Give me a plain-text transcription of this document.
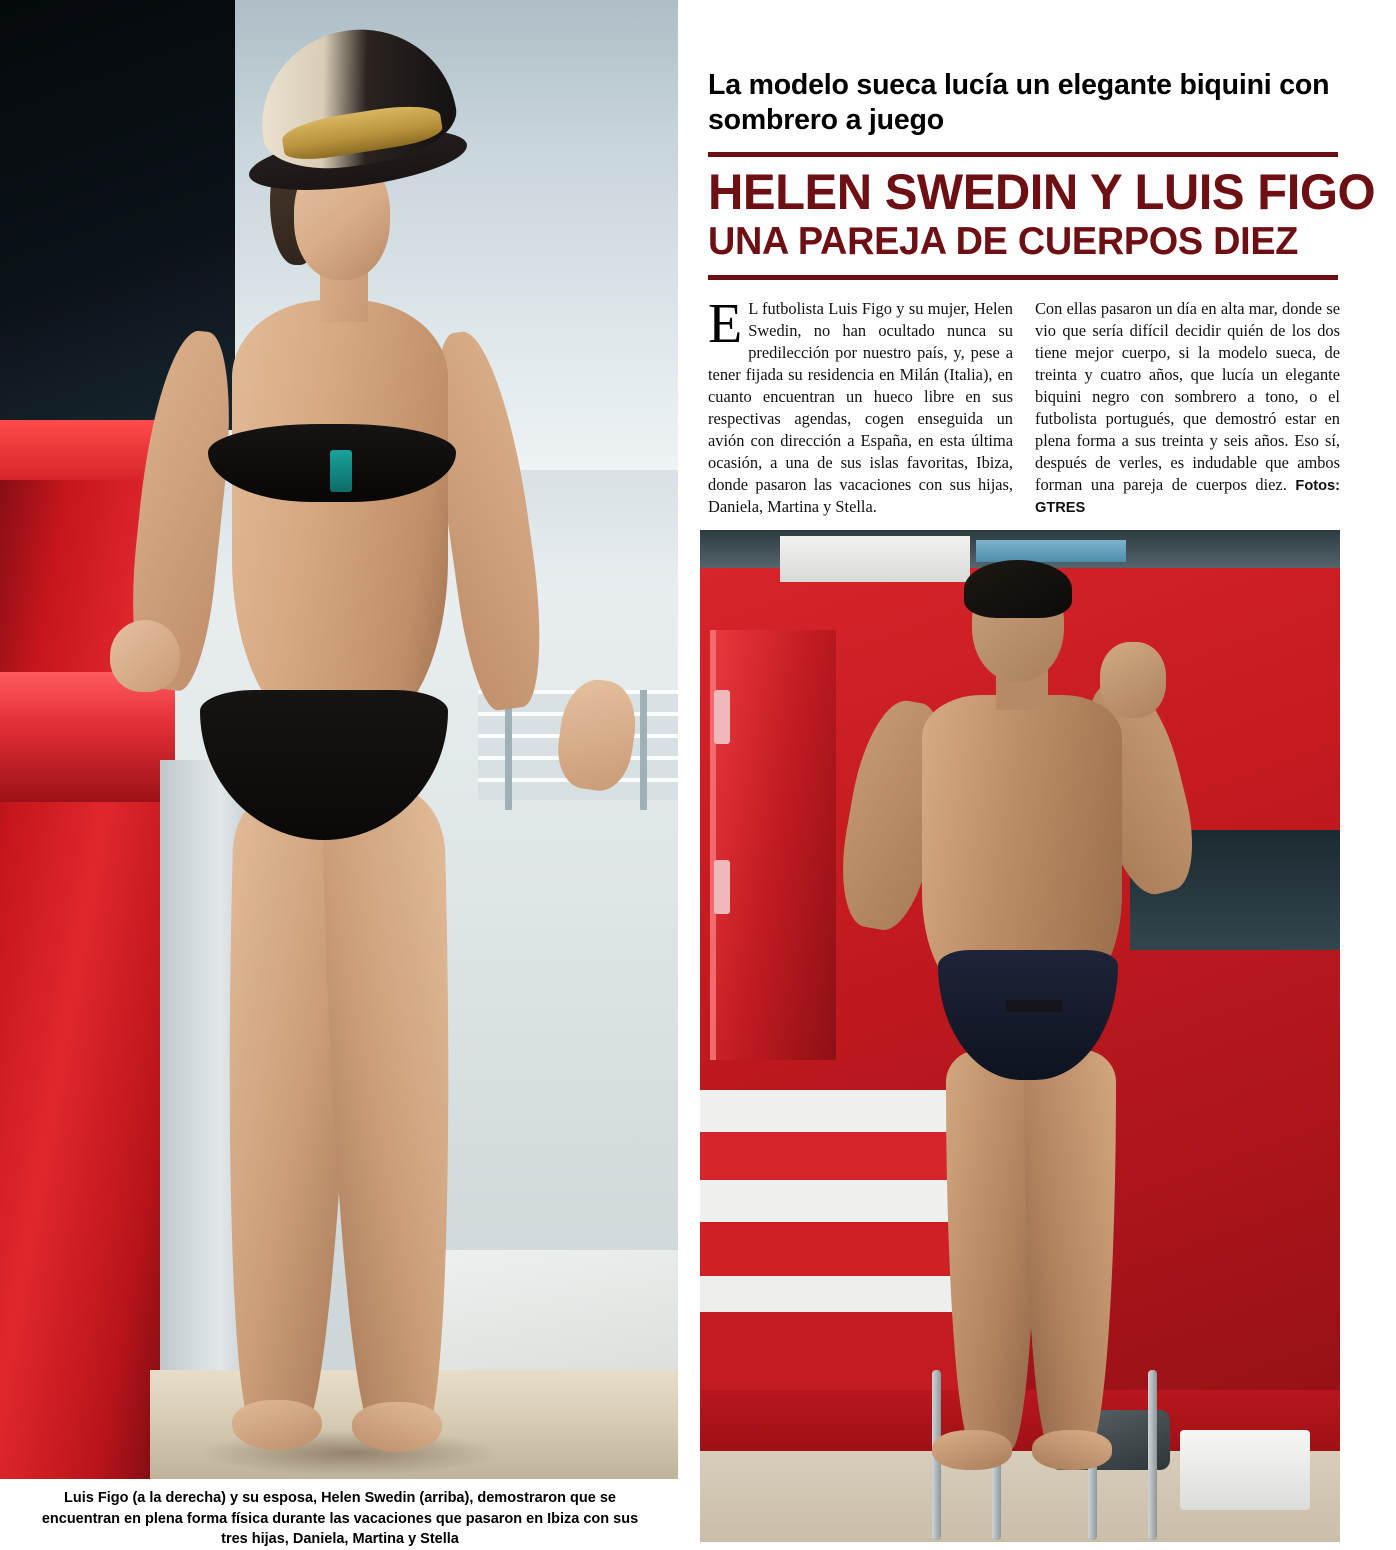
Luis Figo (a la derecha) y su esposa, Helen Swedin (arriba), demostraron que se encuentran en plena forma física durante las vacaciones que pasaron en Ibiza con sus tres hijas, Daniela, Martina y Stella
La modelo sueca lucía un elegante biquini con sombrero a juego
HELEN SWEDIN Y LUIS FIGO
UNA PAREJA DE CUERPOS DIEZ
E L futbolista Luis Figo y su mujer, Helen Swedin, no han ocultado nunca su predilección por nuestro país, y, pese a tener fijada su residencia en Milán (Italia), en cuanto encuentran un hueco libre en sus respectivas agendas, cogen enseguida un avión con dirección a España, en esta última ocasión, a una de sus islas favoritas, Ibiza, donde pasaron las vacaciones con sus hijas, Daniela, Martina y Stella.
Con ellas pasaron un día en alta mar, donde se vio que sería difícil decidir quién de los dos tiene mejor cuerpo, si la modelo sueca, de treinta y cuatro años, que lucía un elegante biquini negro con sombrero a tono, o el futbolista portugués, que demostró estar en plena forma a sus treinta y seis años. Eso sí, después de verles, es indudable que ambos forman una pareja de cuerpos diez. Fotos: GTRES
